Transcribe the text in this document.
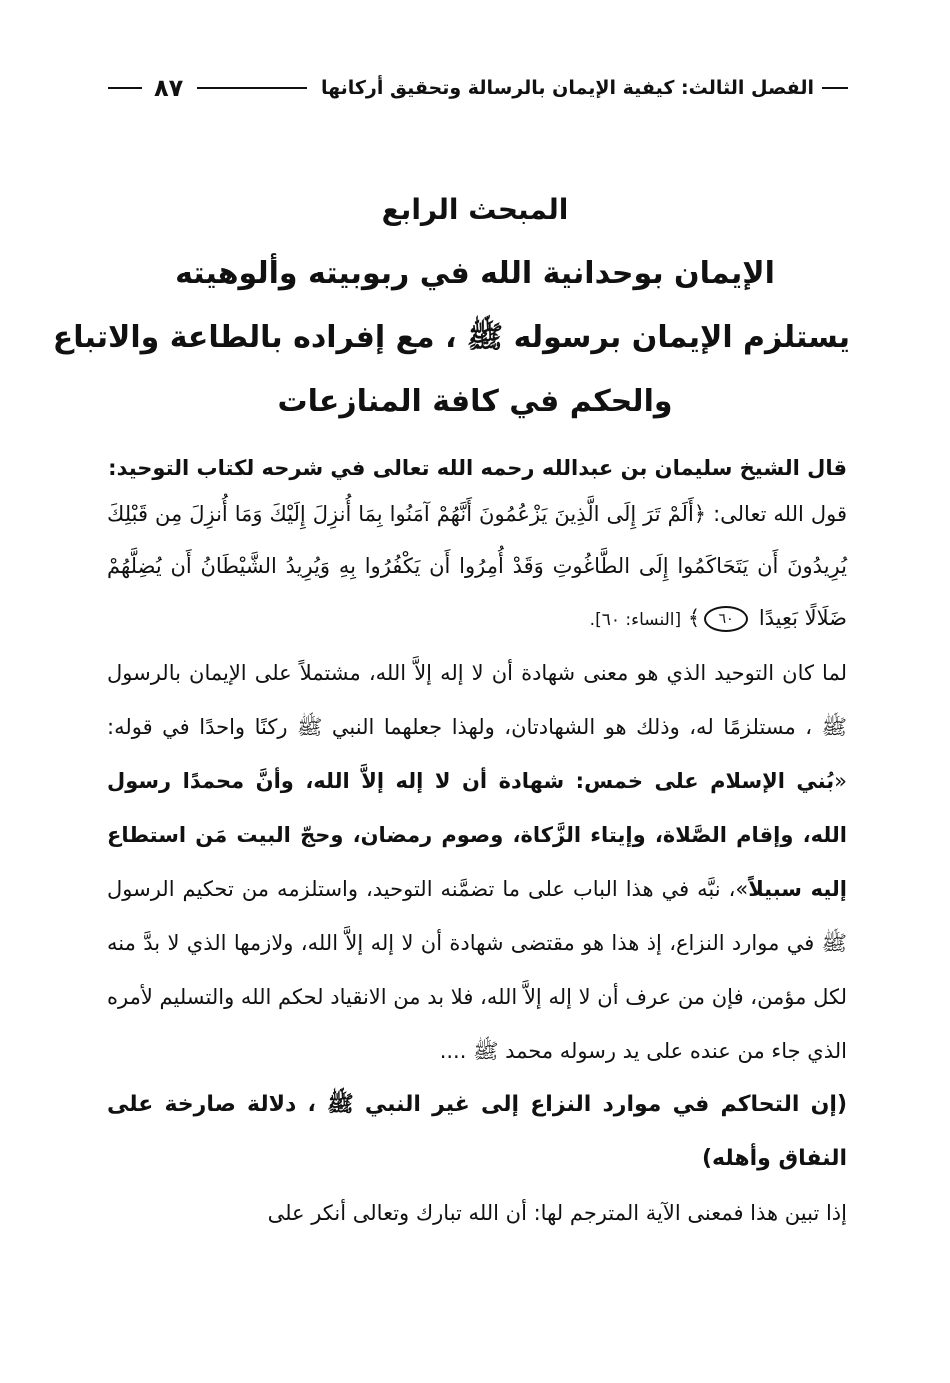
الفصل الثالث: كيفية الإيمان بالرسالة وتحقيق أركانها
٨٧
المبحث الرابع
الإيمان بوحدانية الله في ربوبيته وألوهيته
يستلزم الإيمان برسوله ﷺ ، مع إفراده بالطاعة والاتباع
والحكم في كافة المنازعات

قال الشيخ سليمان بن عبدالله رحمه الله تعالى في شرحه لكتاب التوحيد:

قول الله تعالى: ﴿أَلَمْ تَرَ إِلَى الَّذِينَ يَزْعُمُونَ أَنَّهُمْ آمَنُوا بِمَا أُنزِلَ إِلَيْكَ وَمَا أُنزِلَ مِن قَبْلِكَ يُرِيدُونَ أَن يَتَحَاكَمُوا إِلَى الطَّاغُوتِ وَقَدْ أُمِرُوا أَن يَكْفُرُوا بِهِ وَيُرِيدُ الشَّيْطَانُ أَن يُضِلَّهُمْ ضَلَالًا بَعِيدًا ٦٠﴾ [النساء: ٦٠].

لما كان التوحيد الذي هو معنى شهادة أن لا إله إلاَّ الله، مشتملاً على الإيمان بالرسول ﷺ ، مستلزمًا له، وذلك هو الشهادتان، ولهذا جعلهما النبي ﷺ ركنًا واحدًا في قوله: «بُني الإسلام على خمس: شهادة أن لا إله إلاَّ الله، وأنَّ محمدًا رسول الله، وإقام الصَّلاة، وإيتاء الزَّكاة، وصوم رمضان، وحجّ البيت مَن استطاع إليه سبيلاً»، نبَّه في هذا الباب على ما تضمَّنه التوحيد، واستلزمه من تحكيم الرسول ﷺ في موارد النزاع، إذ هذا هو مقتضى شهادة أن لا إله إلاَّ الله، ولازمها الذي لا بدَّ منه لكل مؤمن، فإن من عرف أن لا إله إلاَّ الله، فلا بد من الانقياد لحكم الله والتسليم لأمره الذي جاء من عنده على يد رسوله محمد ﷺ ....

(إن التحاكم في موارد النزاع إلى غير النبي ﷺ ، دلالة صارخة على النفاق وأهله)

إذا تبين هذا فمعنى الآية المترجم لها: أن الله تبارك وتعالى أنكر على
